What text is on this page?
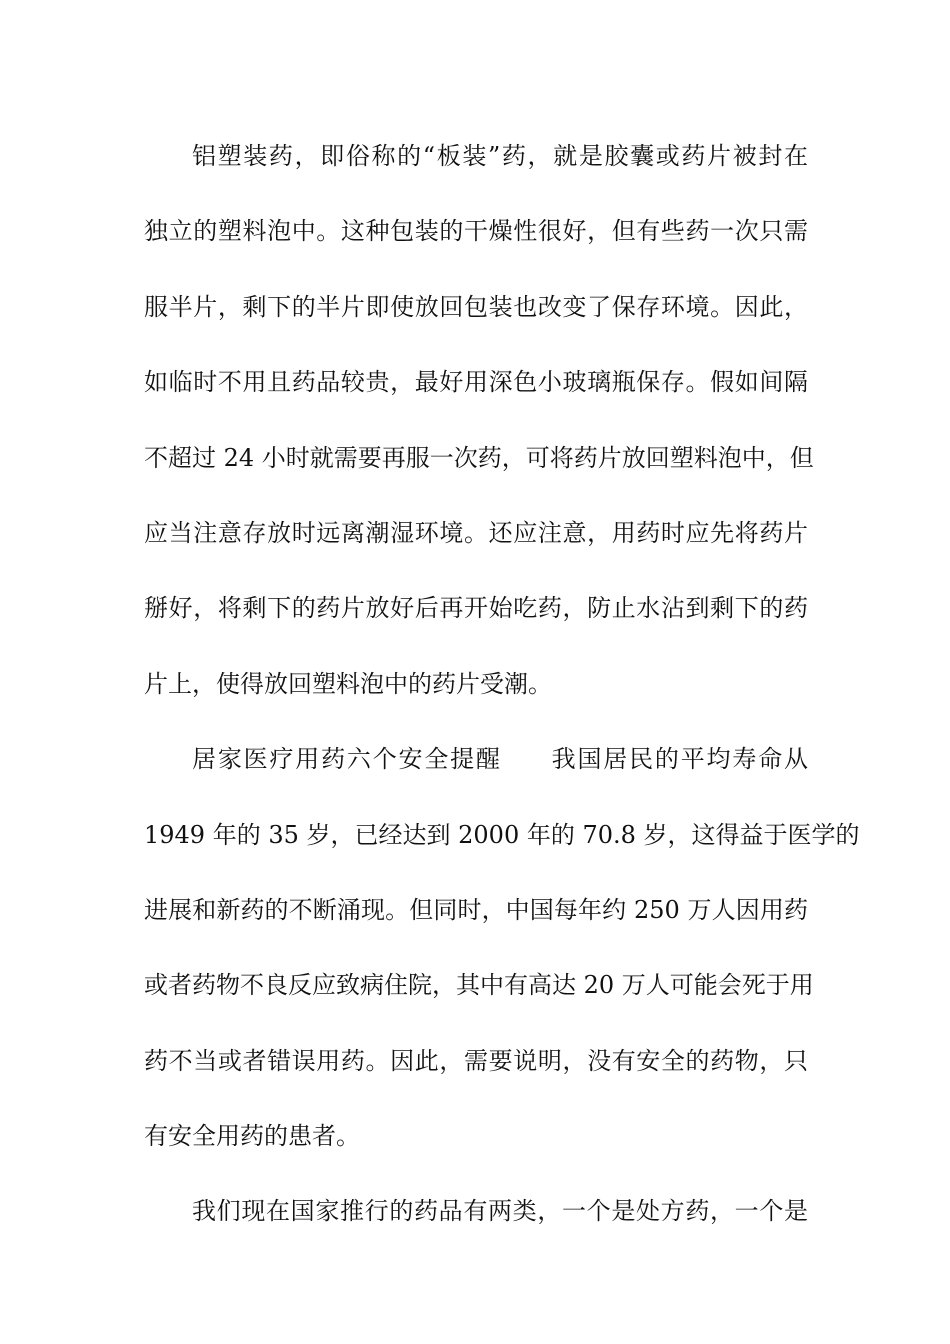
铝塑装药，即俗称的“板装”药，就是胶囊或药片被封在
独立的塑料泡中。这种包装的干燥性很好，但有些药一次只需
服半片，剩下的半片即使放回包装也改变了保存环境。因此，
如临时不用且药品较贵，最好用深色小玻璃瓶保存。假如间隔
不超过 24 小时就需要再服一次药，可将药片放回塑料泡中，但
应当注意存放时远离潮湿环境。还应注意，用药时应先将药片
掰好，将剩下的药片放好后再开始吃药，防止水沾到剩下的药
片上，使得放回塑料泡中的药片受潮。
居家医疗用药六个安全提醒 我国居民的平均寿命从
1949 年的 35 岁，已经达到 2000 年的 70.8 岁，这得益于医学的
进展和新药的不断涌现。但同时，中国每年约 250 万人因用药
或者药物不良反应致病住院，其中有高达 20 万人可能会死于用
药不当或者错误用药。因此，需要说明，没有安全的药物，只
有安全用药的患者。
我们现在国家推行的药品有两类，一个是处方药，一个是
